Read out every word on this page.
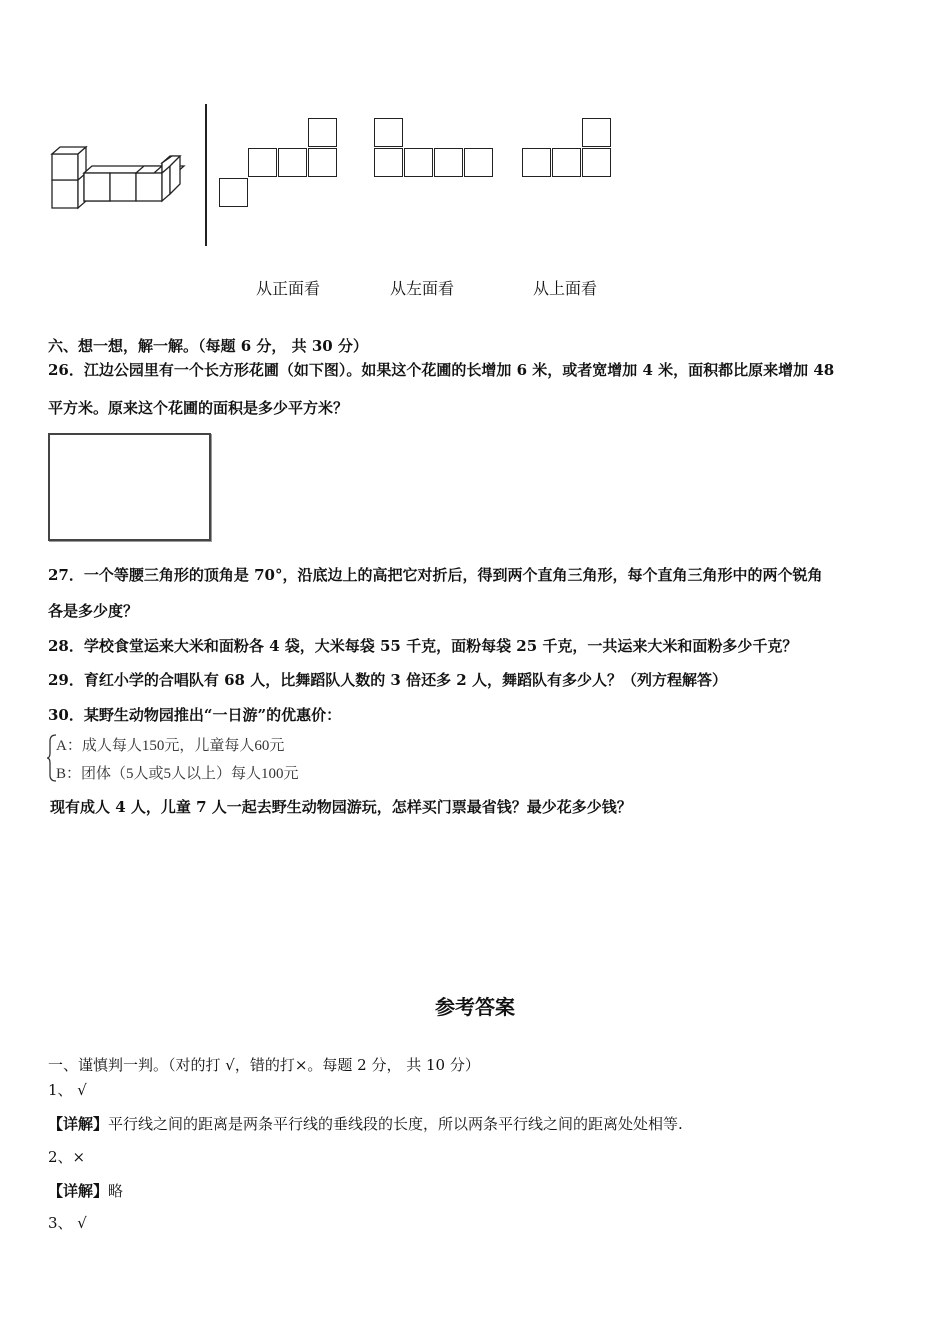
从正面看	从左面看	从上面看
六、想一想，解一解。（每题 6 分， 共 30 分）
26．江边公园里有一个长方形花圃（如下图）。如果这个花圃的长增加 6 米，或者宽增加 4 米，面积都比原来增加 48
平方米。原来这个花圃的面积是多少平方米？
27．一个等腰三角形的顶角是 70°，沿底边上的高把它对折后，得到两个直角三角形，每个直角三角形中的两个锐角
各是多少度？
28．学校食堂运来大米和面粉各 4 袋，大米每袋 55 千克，面粉每袋 25 千克，一共运来大米和面粉多少千克？
29．育红小学的合唱队有 68 人，比舞蹈队人数的 3 倍还多 2 人，舞蹈队有多少人？（列方程解答）
30．某野生动物园推出“一日游”的优惠价：
A：成人每人150元，儿童每人60元
B：团体（5人或5人以上）每人100元
现有成人 4 人，儿童 7 人一起去野生动物园游玩，怎样买门票最省钱？最少花多少钱？
参考答案
一、谨慎判一判。（对的打 √，错的打×。每题 2 分， 共 10 分）
1、 √
【详解】平行线之间的距离是两条平行线的垂线段的长度，所以两条平行线之间的距离处处相等.
2、×
【详解】略
3、 √
